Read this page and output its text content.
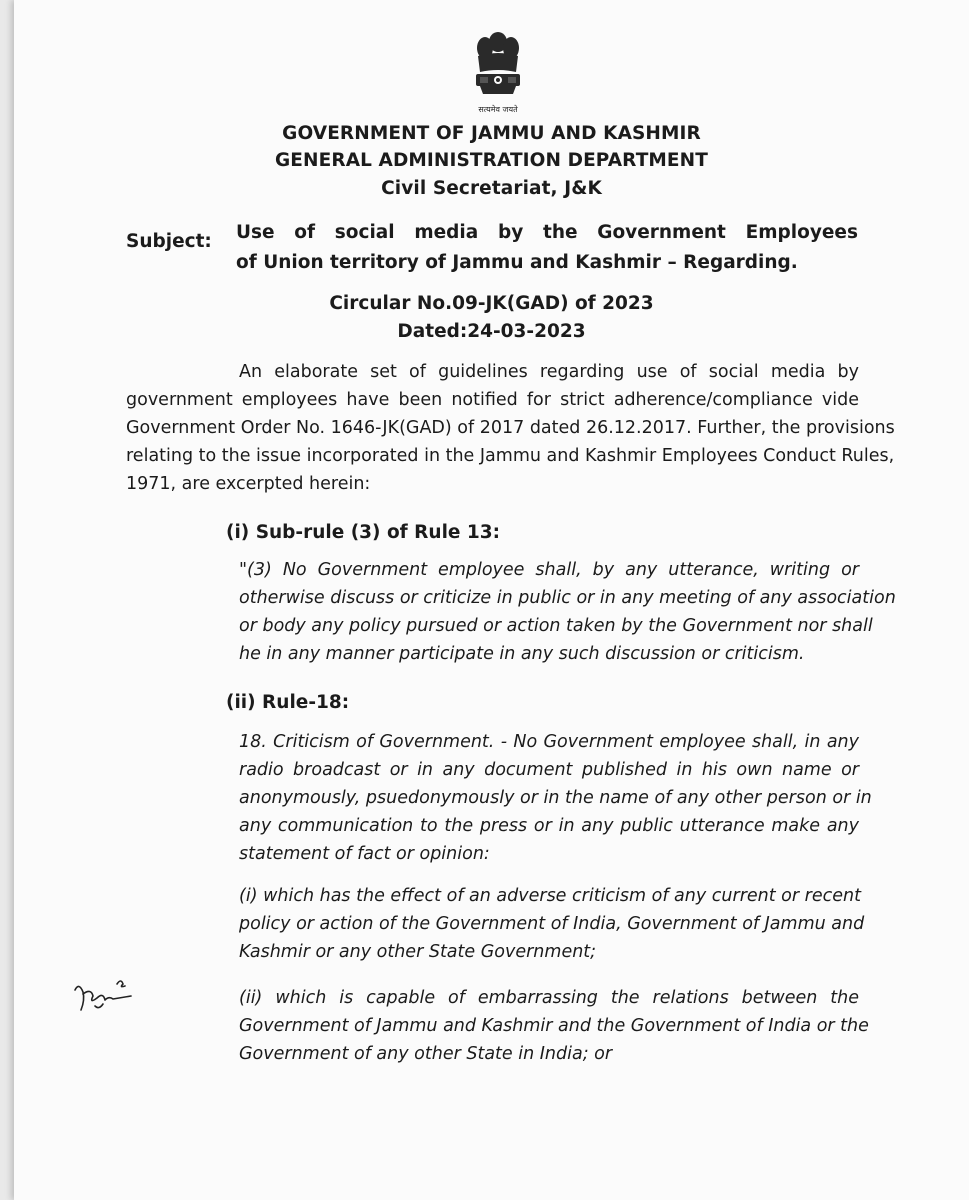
सत्यमेव जयते
GOVERNMENT OF JAMMU AND KASHMIR
GENERAL ADMINISTRATION DEPARTMENT
Civil Secretariat, J&K
Subject: Use of social media by the Government Employees
of Union territory of Jammu and Kashmir – Regarding.
Circular No.09-JK(GAD) of 2023
Dated:24-03-2023
An elaborate set of guidelines regarding use of social media by
government employees have been notified for strict adherence/compliance vide
Government Order No. 1646-JK(GAD) of 2017 dated 26.12.2017. Further, the provisions
relating to the issue incorporated in the Jammu and Kashmir Employees Conduct Rules,
1971, are excerpted herein:
(i) Sub-rule (3) of Rule 13:
"(3) No Government employee shall, by any utterance, writing or
otherwise discuss or criticize in public or in any meeting of any association
or body any policy pursued or action taken by the Government nor shall
he in any manner participate in any such discussion or criticism.
(ii) Rule-18:
18. Criticism of Government. - No Government employee shall, in any
radio broadcast or in any document published in his own name or
anonymously, psuedonymously or in the name of any other person or in
any communication to the press or in any public utterance make any
statement of fact or opinion:
(i) which has the effect of an adverse criticism of any current or recent
policy or action of the Government of India, Government of Jammu and
Kashmir or any other State Government;
(ii) which is capable of embarrassing the relations between the
Government of Jammu and Kashmir and the Government of India or the
Government of any other State in India; or
